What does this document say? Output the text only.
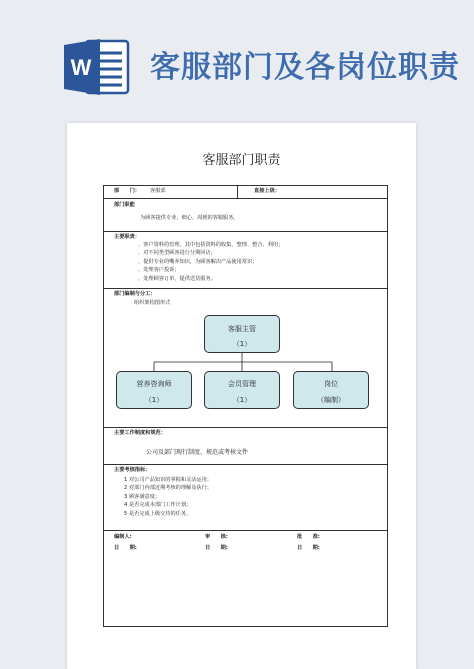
W 客服部门及各岗位职责
客服部门职责
部　　门： 客服部	直接上级：
部门职能
为顾客提供专业、细心、周到的客服服务。
主要职责：
、客户资料的管理，其中包括资料的收集、整理、整合、利用；
、对不同类型顾客进行分期回访；
、提供专业的嘴养知识，为顾客解决产品使用常识；
、处理客户投诉；
、处理顾客订单，提供送货服务。
部门编制与分工：
组织架构图形式
客服主管
（1）
营养咨询师
（1）
会员管理
（1）
岗位
（编制）
主要工作制度和规范：
公司及部门现行制度、规范或考核文件
主要考核指标：
1 对公司产品知识的掌握和灵活运用；
2 对部门内部近期考核的理解及执行；
3 顾客满意度；
4 是否完成本部门工作计划；
5 是否完成上级交待的任务。
编制人:	审　　核:	批　　准:
日　　期:	日　　期:	日　　期:
